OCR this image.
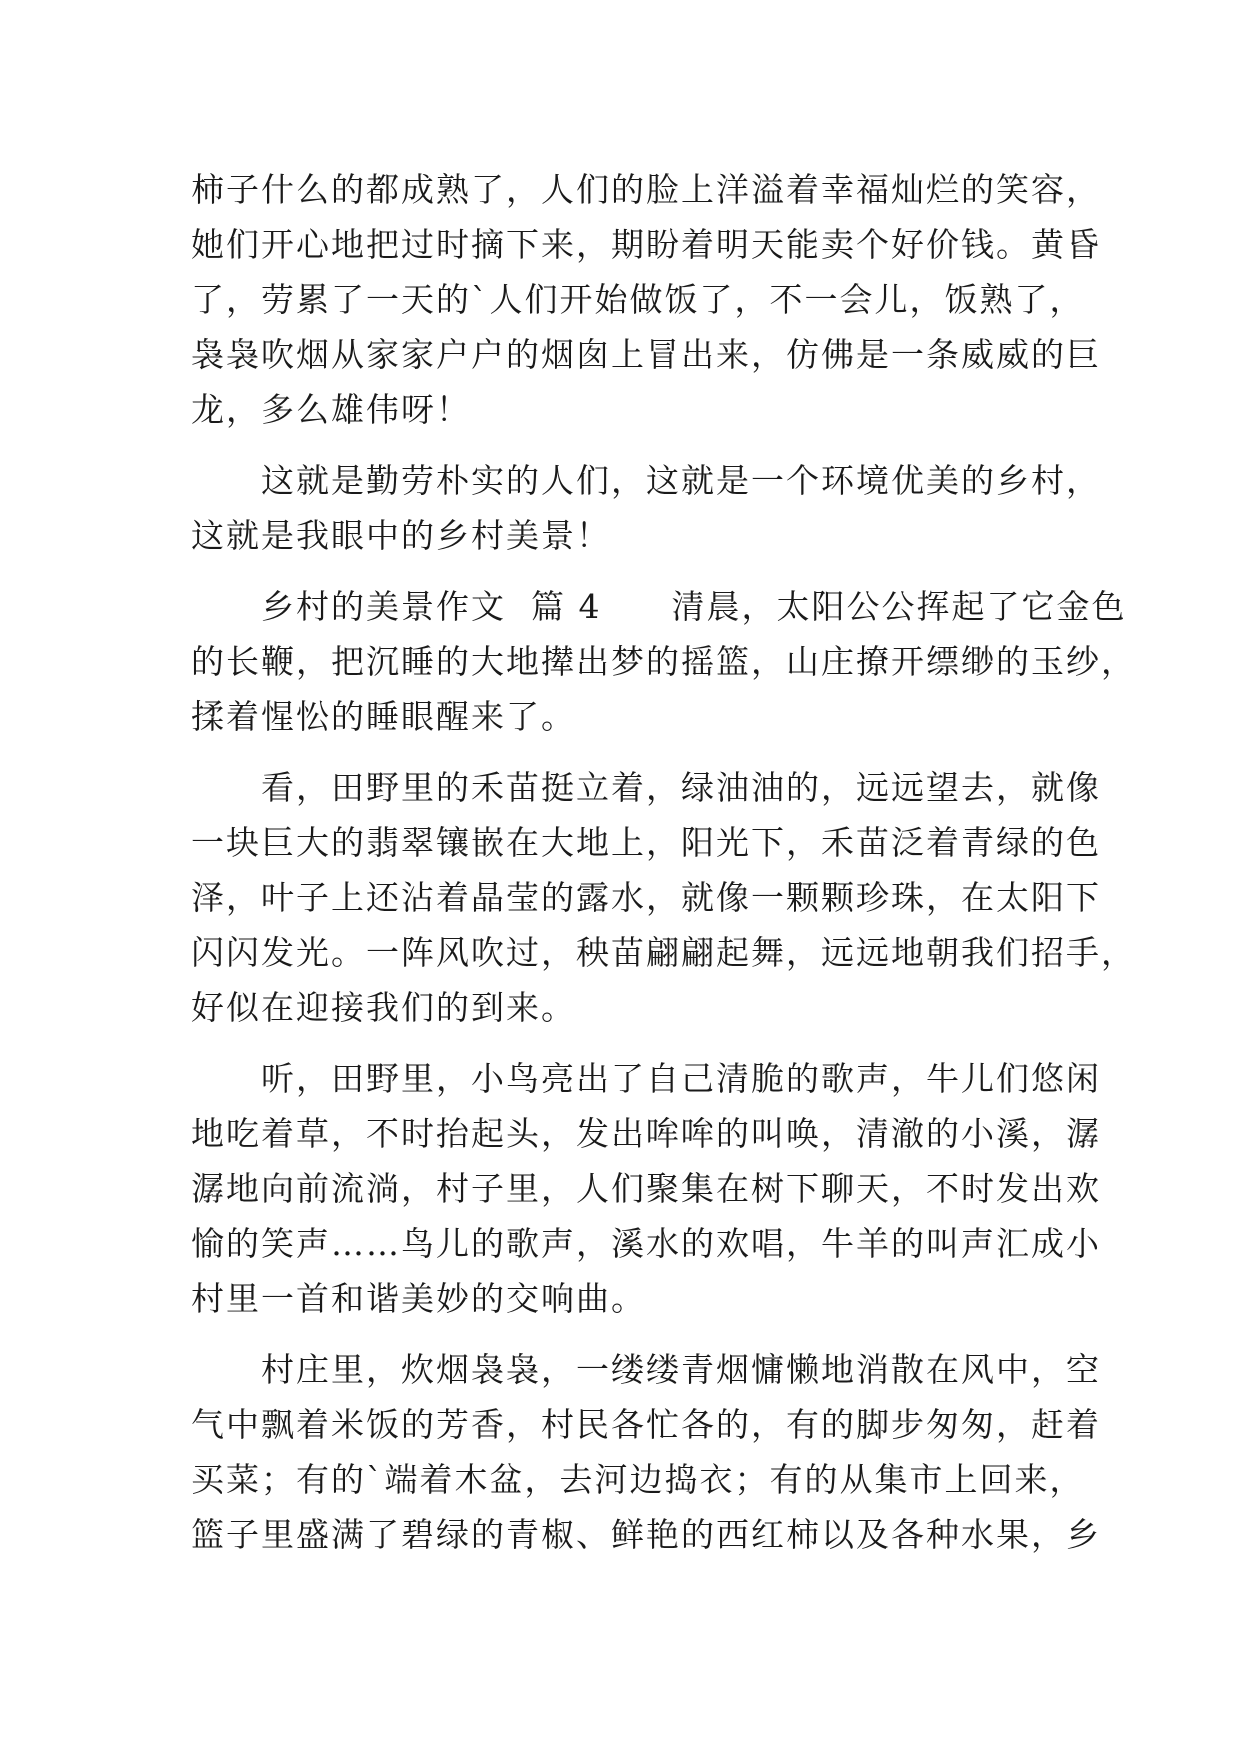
柿子什么的都成熟了，人们的脸上洋溢着幸福灿烂的笑容，
她们开心地把过时摘下来，期盼着明天能卖个好价钱。黄昏
了，劳累了一天的`人们开始做饭了，不一会儿，饭熟了，
袅袅吹烟从家家户户的烟囱上冒出来，仿佛是一条威威的巨
龙，多么雄伟呀！
　　这就是勤劳朴实的人们，这就是一个环境优美的乡村，
这就是我眼中的乡村美景！
　　乡村的美景作文  篇 4　　清晨，太阳公公挥起了它金色
的长鞭，把沉睡的大地撵出梦的摇篮，山庄撩开缥缈的玉纱，
揉着惺忪的睡眼醒来了。
　　看，田野里的禾苗挺立着，绿油油的，远远望去，就像
一块巨大的翡翠镶嵌在大地上，阳光下，禾苗泛着青绿的色
泽，叶子上还沾着晶莹的露水，就像一颗颗珍珠，在太阳下
闪闪发光。一阵风吹过，秧苗翩翩起舞，远远地朝我们招手，
好似在迎接我们的到来。
　　听，田野里，小鸟亮出了自己清脆的歌声，牛儿们悠闲
地吃着草，不时抬起头，发出哞哞的叫唤，清澈的小溪，潺
潺地向前流淌，村子里，人们聚集在树下聊天，不时发出欢
愉的笑声……鸟儿的歌声，溪水的欢唱，牛羊的叫声汇成小
村里一首和谐美妙的交响曲。
　　村庄里，炊烟袅袅，一缕缕青烟慵懒地消散在风中，空
气中飘着米饭的芳香，村民各忙各的，有的脚步匆匆，赶着
买菜；有的`端着木盆，去河边捣衣；有的从集市上回来，
篮子里盛满了碧绿的青椒、鲜艳的西红柿以及各种水果，乡
